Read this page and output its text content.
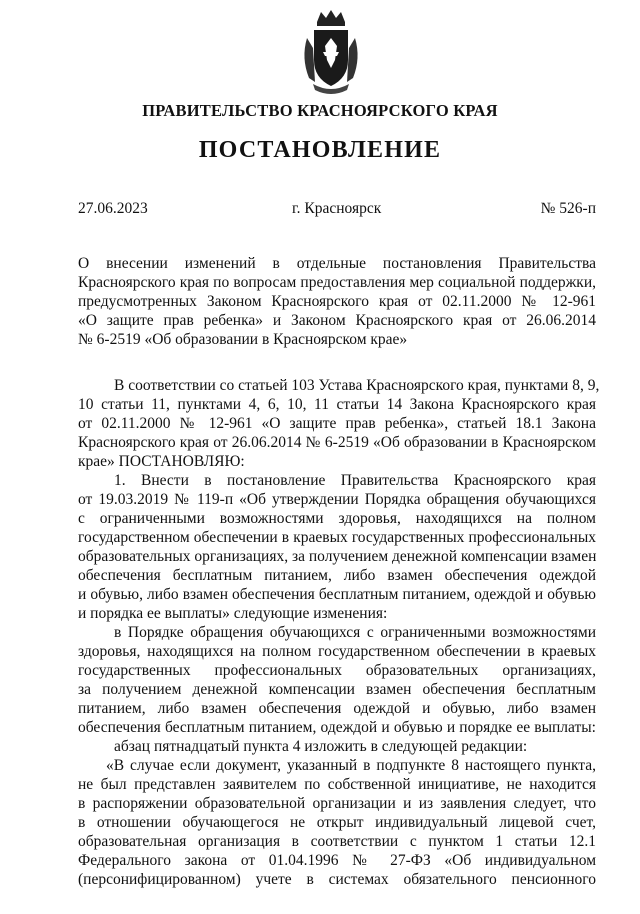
ПРАВИТЕЛЬСТВО КРАСНОЯРСКОГО КРАЯ
ПОСТАНОВЛЕНИЕ
27.06.2023	г. Красноярск	№ 526-п
О внесении изменений в отдельные постановления Правительства
Красноярского края по вопросам предоставления мер социальной поддержки,
предусмотренных Законом Красноярского края от 02.11.2000 № 12-961
«О защите прав ребенка» и Законом Красноярского края от 26.06.2014
№ 6-2519 «Об образовании в Красноярском крае»
В соответствии со статьей 103 Устава Красноярского края, пунктами 8, 9,
10 статьи 11, пунктами 4, 6, 10, 11 статьи 14 Закона Красноярского края
от 02.11.2000 № 12-961 «О защите прав ребенка», статьей 18.1 Закона
Красноярского края от 26.06.2014 № 6-2519 «Об образовании в Красноярском
крае» ПОСТАНОВЛЯЮ:
1. Внести в постановление Правительства Красноярского края
от 19.03.2019 № 119-п «Об утверждении Порядка обращения обучающихся
с ограниченными возможностями здоровья, находящихся на полном
государственном обеспечении в краевых государственных профессиональных
образовательных организациях, за получением денежной компенсации взамен
обеспечения бесплатным питанием, либо взамен обеспечения одеждой
и обувью, либо взамен обеспечения бесплатным питанием, одеждой и обувью
и порядка ее выплаты» следующие изменения:
в Порядке обращения обучающихся с ограниченными возможностями
здоровья, находящихся на полном государственном обеспечении в краевых
государственных профессиональных образовательных организациях,
за получением денежной компенсации взамен обеспечения бесплатным
питанием, либо взамен обеспечения одеждой и обувью, либо взамен
обеспечения бесплатным питанием, одеждой и обувью и порядке ее выплаты:
абзац пятнадцатый пункта 4 изложить в следующей редакции:
«В случае если документ, указанный в подпункте 8 настоящего пункта,
не был представлен заявителем по собственной инициативе, не находится
в распоряжении образовательной организации и из заявления следует, что
в отношении обучающегося не открыт индивидуальный лицевой счет,
образовательная организация в соответствии с пунктом 1 статьи 12.1
Федерального закона от 01.04.1996 № 27-ФЗ «Об индивидуальном
(персонифицированном) учете в системах обязательного пенсионного
